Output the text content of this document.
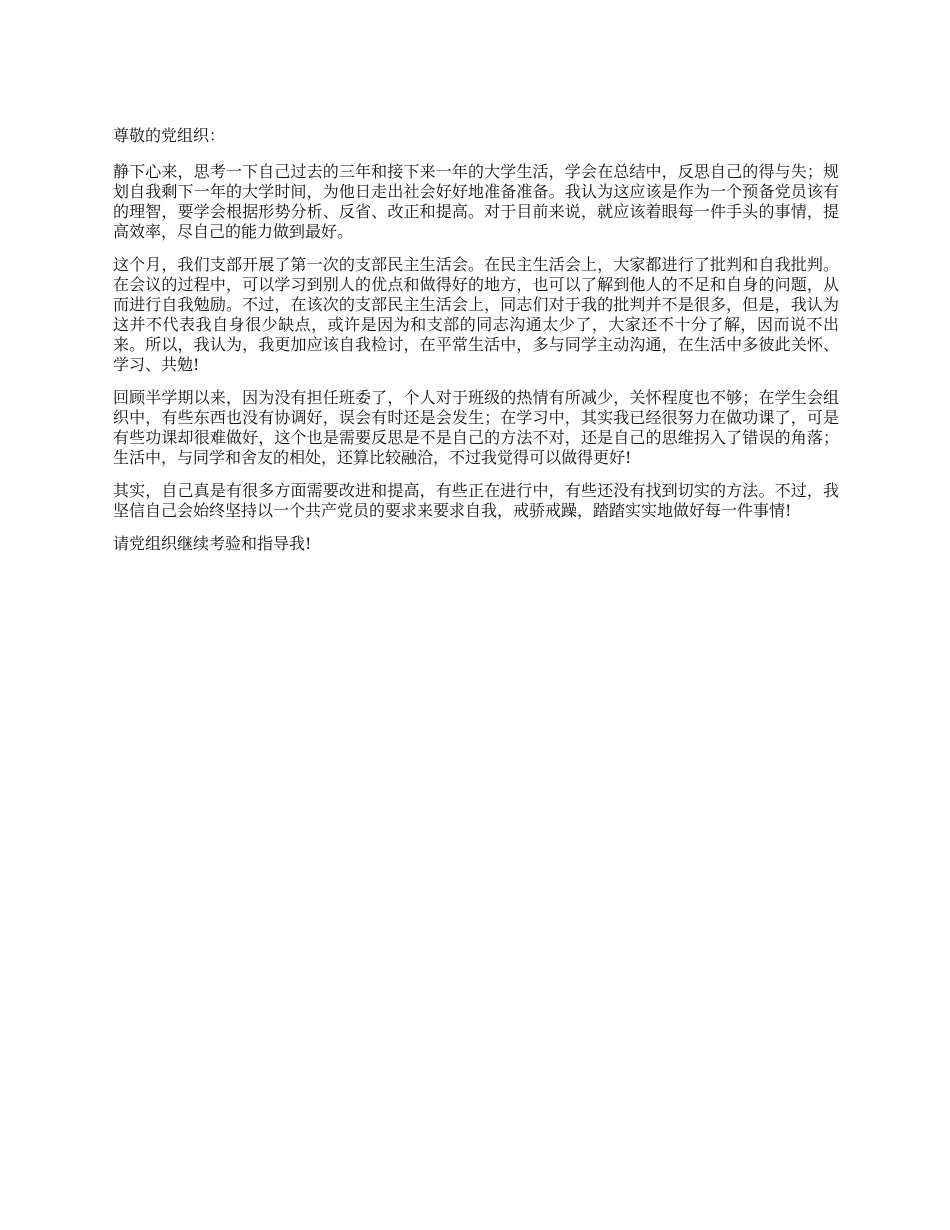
尊敬的党组织：

静下心来，思考一下自己过去的三年和接下来一年的大学生活，学会在总结中，反思自己的得与失；规划自我剩下一年的大学时间，为他日走出社会好好地准备准备。我认为这应该是作为一个预备党员该有的理智，要学会根据形势分析、反省、改正和提高。对于目前来说，就应该着眼每一件手头的事情，提高效率，尽自己的能力做到最好。

这个月，我们支部开展了第一次的支部民主生活会。在民主生活会上，大家都进行了批判和自我批判。在会议的过程中，可以学习到别人的优点和做得好的地方，也可以了解到他人的不足和自身的问题，从而进行自我勉励。不过，在该次的支部民主生活会上，同志们对于我的批判并不是很多，但是，我认为这并不代表我自身很少缺点，或许是因为和支部的同志沟通太少了，大家还不十分了解，因而说不出来。所以，我认为，我更加应该自我检讨，在平常生活中，多与同学主动沟通，在生活中多彼此关怀、学习、共勉!

回顾半学期以来，因为没有担任班委了，个人对于班级的热情有所减少，关怀程度也不够；在学生会组织中，有些东西也没有协调好，误会有时还是会发生；在学习中，其实我已经很努力在做功课了，可是有些功课却很难做好，这个也是需要反思是不是自己的方法不对，还是自己的思维拐入了错误的角落；生活中，与同学和舍友的相处，还算比较融洽，不过我觉得可以做得更好!

其实，自己真是有很多方面需要改进和提高，有些正在进行中，有些还没有找到切实的方法。不过，我坚信自己会始终坚持以一个共产党员的要求来要求自我，戒骄戒躁，踏踏实实地做好每一件事情!

请党组织继续考验和指导我!
